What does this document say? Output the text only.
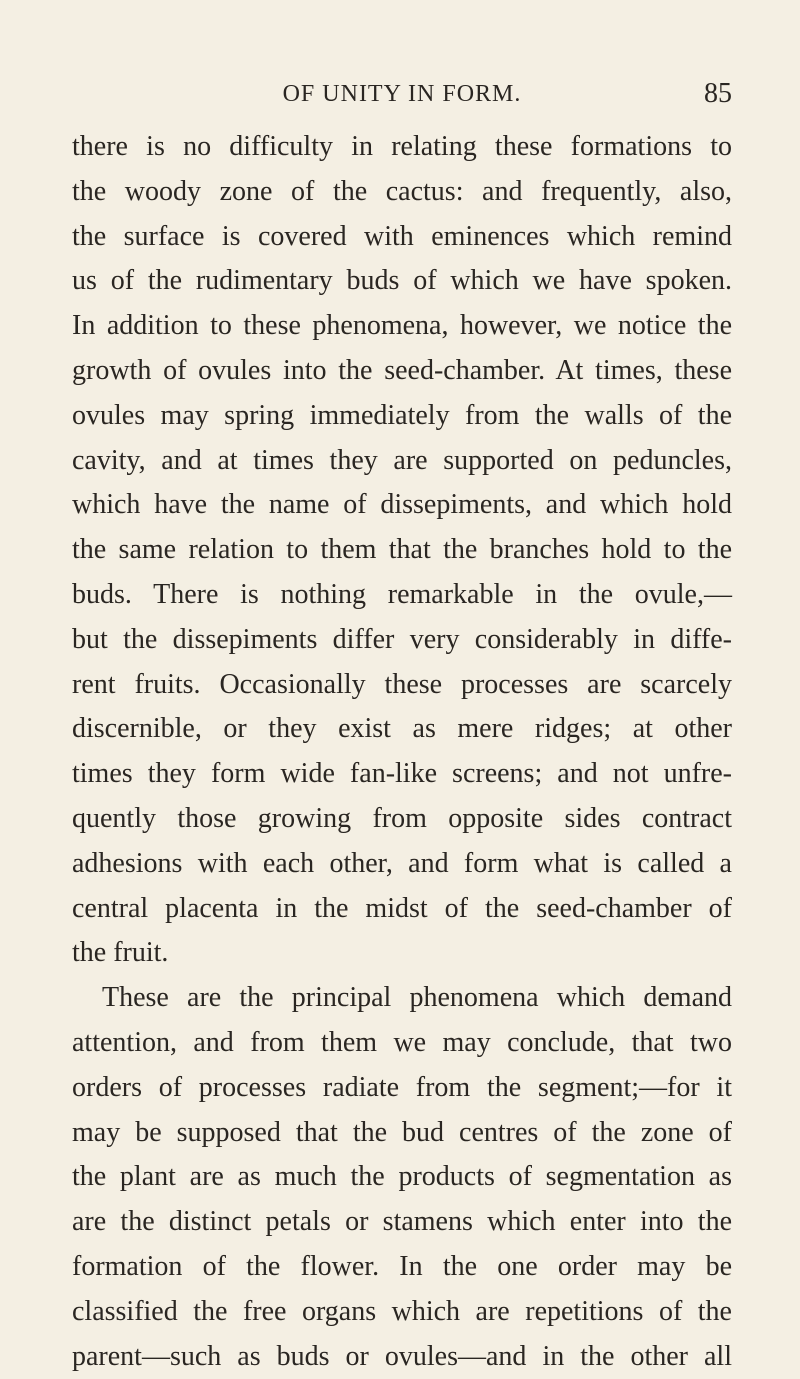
OF UNITY IN FORM.	85
there is no difficulty in relating these formations to
the woody zone of the cactus: and frequently, also,
the surface is covered with eminences which remind
us of the rudimentary buds of which we have spoken.
In addition to these phenomena, however, we notice the
growth of ovules into the seed-chamber. At times, these
ovules may spring immediately from the walls of the
cavity, and at times they are supported on peduncles,
which have the name of dissepiments, and which hold
the same relation to them that the branches hold to the
buds. There is nothing remarkable in the ovule,—
but the dissepiments differ very considerably in diffe-
rent fruits. Occasionally these processes are scarcely
discernible, or they exist as mere ridges; at other
times they form wide fan-like screens; and not unfre-
quently those growing from opposite sides contract
adhesions with each other, and form what is called a
central placenta in the midst of the seed-chamber of
the fruit.
These are the principal phenomena which demand
attention, and from them we may conclude, that two
orders of processes radiate from the segment;—for it
may be supposed that the bud centres of the zone of
the plant are as much the products of segmentation as
are the distinct petals or stamens which enter into the
formation of the flower. In the one order may be
classified the free organs which are repetitions of the
parent—such as buds or ovules—and in the other all
